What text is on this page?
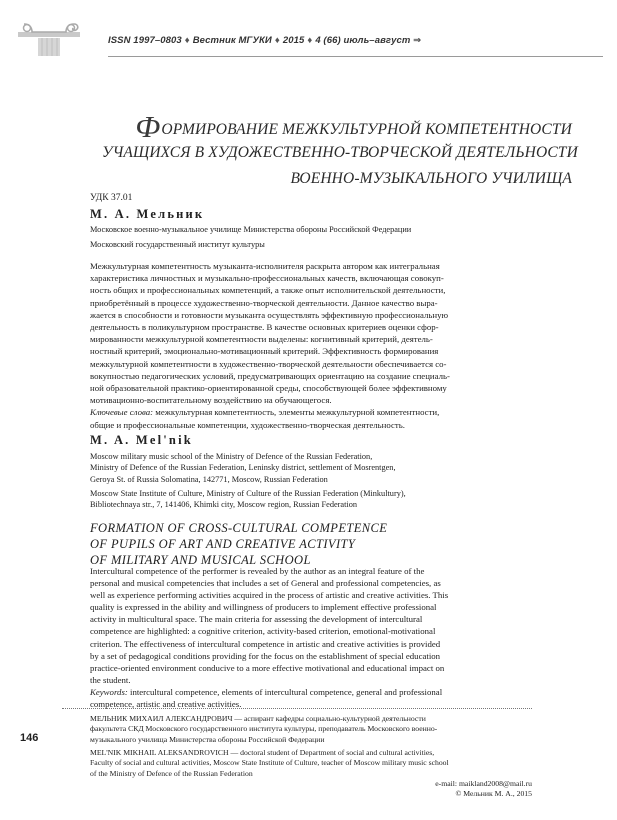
ISSN 1997–0803 ♦ Вестник МГУКИ ♦ 2015 ♦ 4 (66) июль–август ⇒
ФОРМИРОВАНИЕ МЕЖКУЛЬТУРНОЙ КОМПЕТЕНТНОСТИ
УЧАЩИХСЯ В ХУДОЖЕСТВЕННО-ТВОРЧЕСКОЙ ДЕЯТЕЛЬНОСТИ
ВОЕННО-МУЗЫКАЛЬНОГО УЧИЛИЩА
УДК 37.01
М. А. Мельник
Московское военно-музыкальное училище Министерства обороны Российской Федерации
Московский государственный институт культуры
Межкультурная компетентность музыканта-исполнителя раскрыта автором как интегральная
характеристика личностных и музыкально-профессиональных качеств, включающая совокуп-
ность общих и профессиональных компетенций, а также опыт исполнительской деятельности,
приобретённый в процессе художественно-творческой деятельности. Данное качество выра-
жается в способности и готовности музыканта осуществлять эффективную профессиональную
деятельность в поликультурном пространстве. В качестве основных критериев оценки сфор-
мированности межкультурной компетентности выделены: когнитивный критерий, деятель-
ностный критерий, эмоционально-мотивационный критерий. Эффективность формирования
межкультурной компетентности в художественно-творческой деятельности обеспечивается со-
вокупностью педагогических условий, предусматривающих ориентацию на создание специаль-
ной образовательной практико-ориентированной среды, способствующей более эффективному
мотивационно-воспитательному воздействию на обучающегося.
Ключевые слова: межкультурная компетентность, элементы межкультурной компетентности,
общие и профессиональные компетенции, художественно-творческая деятельность.
M. A. Mel'nik
Moscow military music school of the Ministry of Defence of the Russian Federation,
Ministry of Defence of the Russian Federation, Leninsky district, settlement of Mosrentgen,
Geroya St. of Russia Solomatina, 142771, Moscow, Russian Federation
Moscow State Institute of Culture, Ministry of Culture of the Russian Federation (Minkultury),
Bibliotechnaya str., 7, 141406, Khimki city, Moscow region, Russian Federation
FORMATION OF CROSS-CULTURAL COMPETENCE
OF PUPILS OF ART AND CREATIVE ACTIVITY
OF MILITARY AND MUSICAL SCHOOL
Intercultural competence of the performer is revealed by the author as an integral feature of the
personal and musical competencies that includes a set of General and professional competencies, as
well as experience performing activities acquired in the process of artistic and creative activities. This
quality is expressed in the ability and willingness of producers to implement effective professional
activity in multicultural space. The main criteria for assessing the development of intercultural
competence are highlighted: a cognitive criterion, activity-based criterion, emotional-motivational
criterion. The effectiveness of intercultural competence in artistic and creative activities is provided
by a set of pedagogical conditions providing for the focus on the establishment of special education
practice-oriented environment conducive to a more effective motivational and educational impact on
the student.
Keywords: intercultural competence, elements of intercultural competence, general and professional
competence, artistic and creative activities.
146
МЕЛЬНИК МИХАИЛ АЛЕКСАНДРОВИЧ — аспирант кафедры социально-культурной деятельности
факультета СКД Московского государственного института культуры, преподаватель Московского военно-
музыкального училища Министерства обороны Российской Федерации
MEL'NIK MIKHAIL ALEKSANDROVICH — doctoral student of Department of social and cultural activities,
Faculty of social and cultural activities, Moscow State Institute of Culture, teacher of Moscow military music school
of the Ministry of Defence of the Russian Federation
e-mail: maikland2008@mail.ru
© Мельник М. А., 2015
